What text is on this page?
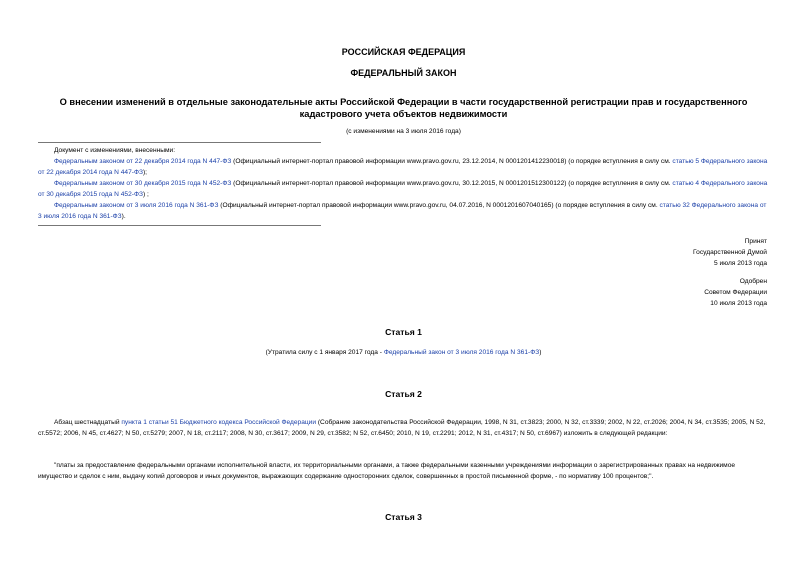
РОССИЙСКАЯ ФЕДЕРАЦИЯ
ФЕДЕРАЛЬНЫЙ ЗАКОН
О внесении изменений в отдельные законодательные акты Российской Федерации в части государственной регистрации прав и государственного кадастрового учета объектов недвижимости
(с изменениями на 3 июля 2016 года)
Документ с изменениями, внесенными:
Федеральным законом от 22 декабря 2014 года N 447-ФЗ (Официальный интернет-портал правовой информации www.pravo.gov.ru, 23.12.2014, N 0001201412230018) (о порядке вступления в силу см. статью 5 Федерального закона от 22 декабря 2014 года N 447-ФЗ);
Федеральным законом от 30 декабря 2015 года N 452-ФЗ (Официальный интернет-портал правовой информации www.pravo.gov.ru, 30.12.2015, N 0001201512300122) (о порядке вступления в силу см. статью 4 Федерального закона от 30 декабря 2015 года N 452-ФЗ) ;
Федеральным законом от 3 июля 2016 года N 361-ФЗ (Официальный интернет-портал правовой информации www.pravo.gov.ru, 04.07.2016, N 0001201607040165) (о порядке вступления в силу см. статью 32 Федерального закона от 3 июля 2016 года N 361-ФЗ).
Принят
Государственной Думой
5 июля 2013 года
Одобрен
Советом Федерации
10 июля 2013 года
Статья 1
(Утратила силу с 1 января 2017 года - Федеральный закон от 3 июля 2016 года N 361-ФЗ)
Статья 2
Абзац шестнадцатый пункта 1 статьи 51 Бюджетного кодекса Российской Федерации (Собрание законодательства Российской Федерации, 1998, N 31, ст.3823; 2000, N 32, ст.3339; 2002, N 22, ст.2026; 2004, N 34, ст.3535; 2005, N 52, ст.5572; 2006, N 45, ст.4627; N 50, ст.5279; 2007, N 18, ст.2117; 2008, N 30, ст.3617; 2009, N 29, ст.3582; N 52, ст.6450; 2010, N 19, ст.2291; 2012, N 31, ст.4317; N 50, ст.6967) изложить в следующей редакции:
"платы за предоставление федеральными органами исполнительной власти, их территориальными органами, а также федеральными казенными учреждениями информации о зарегистрированных правах на недвижимое имущество и сделок с ним, выдачу копий договоров и иных документов, выражающих содержание односторонних сделок, совершенных в простой письменной форме, - по нормативу 100 процентов;".
Статья 3
